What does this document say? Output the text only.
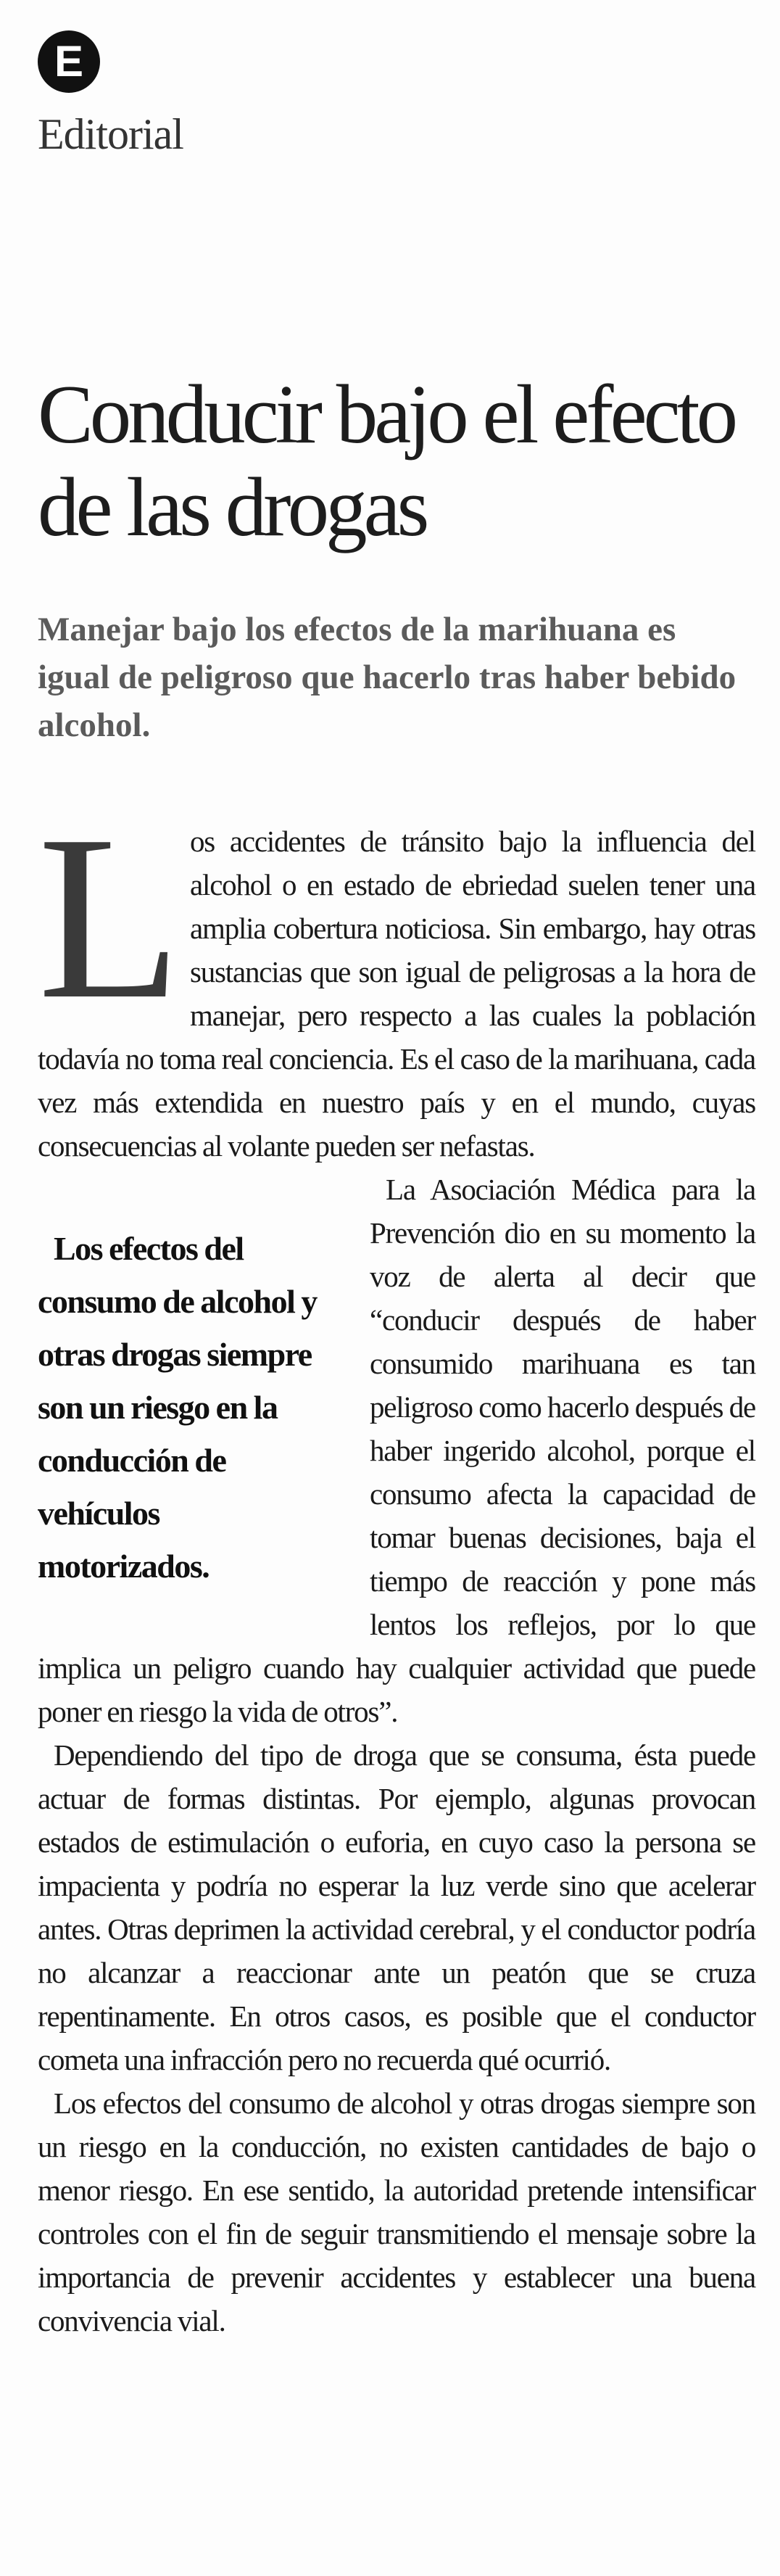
E
Editorial
Conducir bajo el efecto de las drogas

Manejar bajo los efectos de la marihuana es igual de peligroso que hacerlo tras haber bebido alcohol.

Los accidentes de tránsito bajo la influencia del alcohol o en estado de ebriedad suelen tener una amplia cobertura noticiosa. Sin embargo, hay otras sustancias que son igual de peligrosas a la hora de manejar, pero respecto a las cuales la población todavía no toma real conciencia. Es el caso de la marihuana, cada vez más extendida en nuestro país y en el mundo, cuyas consecuencias al volante pueden ser nefastas.

Los efectos del consumo de alcohol y otras drogas siempre son un riesgo en la conducción de vehículos motorizados.
La Asociación Médica para la Prevención dio en su momento la voz de alerta al decir que “conducir después de haber consumido marihuana es tan peligroso como hacerlo después de haber ingerido alcohol, porque el consumo afecta la capacidad de tomar buenas decisiones, baja el tiempo de reacción y pone más lentos los reflejos, por lo que implica un peligro cuando hay cualquier actividad que puede poner en riesgo la vida de otros”.

Dependiendo del tipo de droga que se consuma, ésta puede actuar de formas distintas. Por ejemplo, algunas provocan estados de estimulación o euforia, en cuyo caso la persona se impacienta y podría no esperar la luz verde sino que acelerar antes. Otras deprimen la actividad cerebral, y el conductor podría no alcanzar a reaccionar ante un peatón que se cruza repentinamente. En otros casos, es posible que el conductor cometa una infracción pero no recuerda qué ocurrió.

Los efectos del consumo de alcohol y otras drogas siempre son un riesgo en la conducción, no existen cantidades de bajo o menor riesgo. En ese sentido, la autoridad pretende intensificar controles con el fin de seguir transmitiendo el mensaje sobre la importancia de prevenir accidentes y establecer una buena convivencia vial.
